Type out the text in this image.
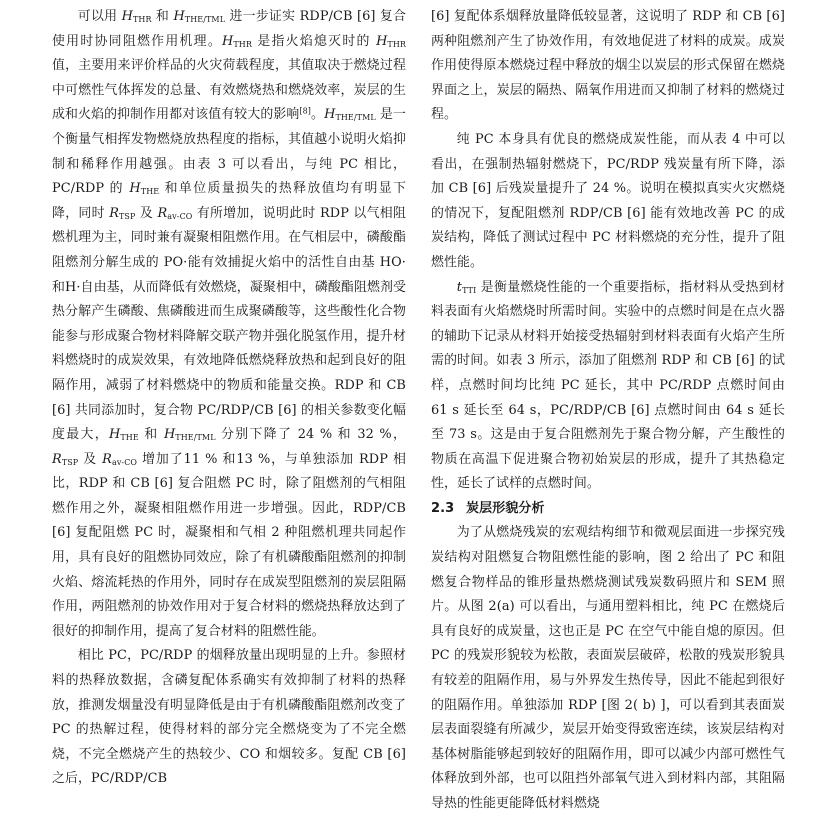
可以用 $H_{THR}$ 和 $H_{THE/TML}$ 进一步证实 RDP/CB [6] 复合使用时协同阻燃作用机理。$H_{THR}$ 是指火焰熄灭时的 $H_{THR}$ 值，主要用来评价样品的火灾荷载程度，其值取决于燃烧过程中可燃性气体挥发的总量、有效燃烧热和燃烧效率，炭层的生成和火焰的抑制作用都对该值有较大的影响[8]。$H_{THE/TML}$ 是一个衡量气相挥发物燃烧放热程度的指标，其值越小说明火焰抑制和稀释作用越强。由表 3 可以看出，与纯 PC 相比，PC/RDP 的 $H_{THE}$ 和单位质量损失的热释放值均有明显下降，同时 $R_{TSP}$ 及 $R_{av-CO}$ 有所增加，说明此时 RDP 以气相阻燃机理为主，同时兼有凝聚相阻燃作用。在气相层中，磷酸酯阻燃剂分解生成的 PO·能有效捕捉火焰中的活性自由基 HO·和H·自由基，从而降低有效燃烧，凝聚相中，磷酸酯阻燃剂受热分解产生磷酸、焦磷酸进而生成聚磷酸等，这些酸性化合物能参与形成聚合物材料降解交联产物并强化脱氢作用，提升材料燃烧时的成炭效果，有效地降低燃烧释放热和起到良好的阻隔作用，减弱了材料燃烧中的物质和能量交换。RDP 和 CB [6] 共同添加时，复合物 PC/RDP/CB [6] 的相关参数变化幅度最大，$H_{THE}$ 和 $H_{THE/TML}$ 分别下降了 24 % 和 32 %，$R_{TSP}$ 及 $R_{av-CO}$ 增加了11 % 和13 %，与单独添加 RDP 相比，RDP 和 CB [6] 复合阻燃 PC 时，除了阻燃剂的气相阻燃作用之外，凝聚相阻燃作用进一步增强。因此，RDP/CB [6] 复配阻燃 PC 时，凝聚相和气相 2 种阻燃机理共同起作用，具有良好的阻燃协同效应，除了有机磷酸酯阻燃剂的抑制火焰、熔流耗热的作用外，同时存在成炭型阻燃剂的炭层阻隔作用，两阻燃剂的协效作用对于复合材料的燃烧热释放达到了很好的抑制作用，提高了复合材料的阻燃性能。

相比 PC，PC/RDP 的烟释放量出现明显的上升。参照材料的热释放数据，含磷复配体系确实有效抑制了材料的热释放，推测发烟量没有明显降低是由于有机磷酸酯阻燃剂改变了 PC 的热解过程，使得材料的部分完全燃烧变为了不完全燃烧，不完全燃烧产生的热较少、CO 和烟较多。复配 CB [6] 之后，PC/RDP/CB

[6] 复配体系烟释放量降低较显著，这说明了 RDP 和 CB [6] 两种阻燃剂产生了协效作用，有效地促进了材料的成炭。成炭作用使得原本燃烧过程中释放的烟尘以炭层的形式保留在燃烧界面之上，炭层的隔热、隔氧作用进而又抑制了材料的燃烧过程。

纯 PC 本身具有优良的燃烧成炭性能，而从表 4 中可以看出，在强制热辐射燃烧下，PC/RDP 残炭量有所下降，添加 CB [6] 后残炭量提升了 24 %。说明在模拟真实火灾燃烧的情况下，复配阻燃剂 RDP/CB [6] 能有效地改善 PC 的成炭结构，降低了测试过程中 PC 材料燃烧的充分性，提升了阻燃性能。

$t_{TTI}$ 是衡量燃烧性能的一个重要指标，指材料从受热到材料表面有火焰燃烧时所需时间。实验中的点燃时间是在点火器的辅助下记录从材料开始接受热辐射到材料表面有火焰产生所需的时间。如表 3 所示，添加了阻燃剂 RDP 和 CB [6] 的试样，点燃时间均比纯 PC 延长，其中 PC/RDP 点燃时间由 61 s 延长至 64 s，PC/RDP/CB [6] 点燃时间由 64 s 延长至 73 s。这是由于复合阻燃剂先于聚合物分解，产生酸性的物质在高温下促进聚合物初始炭层的形成，提升了其热稳定性，延长了试样的点燃时间。

2.3 炭层形貌分析

为了从燃烧残炭的宏观结构细节和微观层面进一步探究残炭结构对阻燃复合物阻燃性能的影响，图 2 给出了 PC 和阻燃复合物样品的锥形量热燃烧测试残炭数码照片和 SEM 照片。从图 2(a) 可以看出，与通用塑料相比，纯 PC 在燃烧后具有良好的成炭量，这也正是 PC 在空气中能自熄的原因。但 PC 的残炭形貌较为松散，表面炭层破碎，松散的残炭形貌具有较差的阻隔作用，易与外界发生热传导，因此不能起到很好的阻隔作用。单独添加 RDP [图 2( b) ]，可以看到其表面炭层表面裂缝有所减少，炭层开始变得致密连续，该炭层结构对基体树脂能够起到较好的阻隔作用，即可以减少内部可燃性气体释放到外部，也可以阻挡外部氧气进入到材料内部，其阻隔导热的性能更能降低材料燃烧
